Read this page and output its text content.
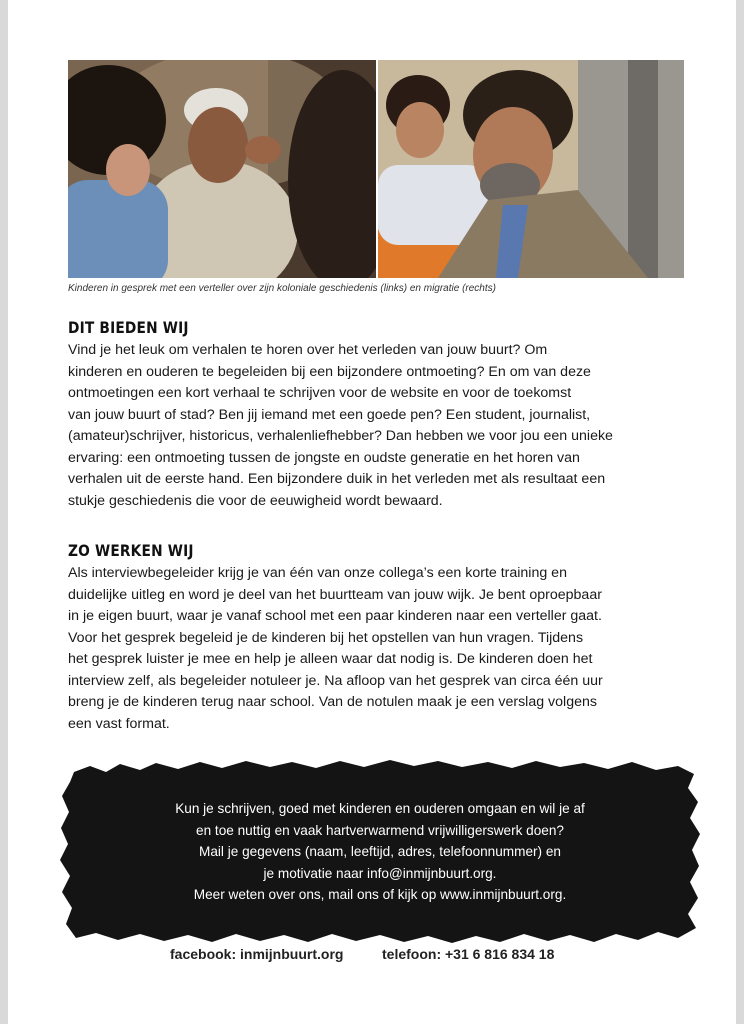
Kinderen in gesprek met een verteller over zijn koloniale geschiedenis (links) en migratie (rechts)
DIT BIEDEN WIJ
Vind je het leuk om verhalen te horen over het verleden van jouw buurt? Om
kinderen en ouderen te begeleiden bij een bijzondere ontmoeting? En om van deze
ontmoetingen een kort verhaal te schrijven voor de website en voor de toekomst
van jouw buurt of stad? Ben jij iemand met een goede pen? Een student, journalist,
(amateur)schrijver, historicus, verhalenliefhebber? Dan hebben we voor jou een unieke
ervaring: een ontmoeting tussen de jongste en oudste generatie en het horen van
verhalen uit de eerste hand. Een bijzondere duik in het verleden met als resultaat een
stukje geschiedenis die voor de eeuwigheid wordt bewaard.
ZO WERKEN WIJ
Als interviewbegeleider krijg je van één van onze collega’s een korte training en
duidelijke uitleg en word je deel van het buurtteam van jouw wijk. Je bent oproepbaar
in je eigen buurt, waar je vanaf school met een paar kinderen naar een verteller gaat.
Voor het gesprek begeleid je de kinderen bij het opstellen van hun vragen. Tijdens
het gesprek luister je mee en help je alleen waar dat nodig is. De kinderen doen het
interview zelf, als begeleider notuleer je. Na afloop van het gesprek van circa één uur
breng je de kinderen terug naar school. Van de notulen maak je een verslag volgens
een vast format.
Kun je schrijven, goed met kinderen en ouderen omgaan en wil je af
en toe nuttig en vaak hartverwarmend vrijwilligerswerk doen?
Mail je gegevens (naam, leeftijd, adres, telefoonnummer) en
je motivatie naar info@inmijnbuurt.org.
Meer weten over ons, mail ons of kijk op www.inmijnbuurt.org.
facebook: inmijnbuurt.org	telefoon: +31 6 816 834 18
